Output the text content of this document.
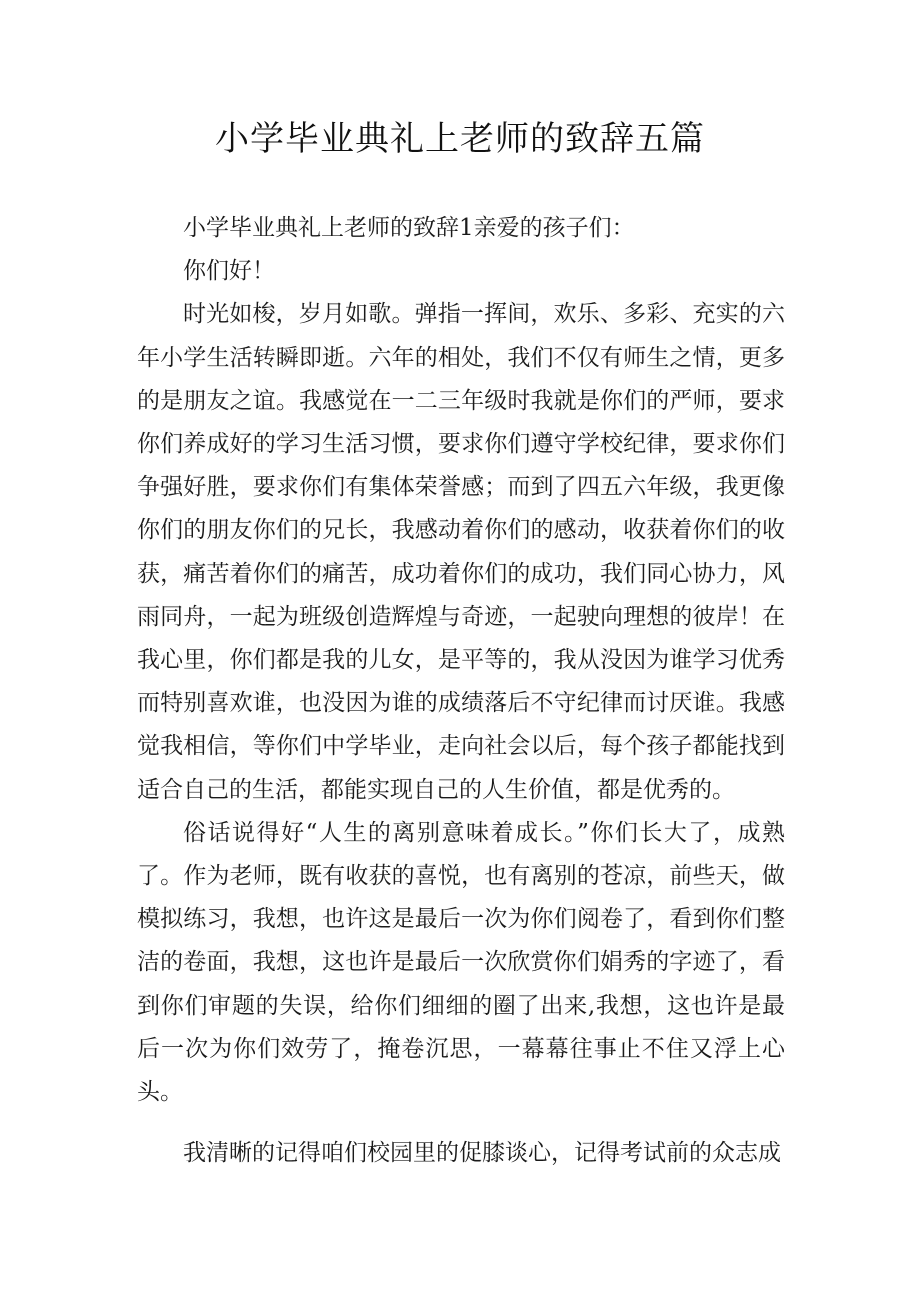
小学毕业典礼上老师的致辞五篇

小学毕业典礼上老师的致辞1亲爱的孩子们：

你们好！

时光如梭，岁月如歌。弹指一挥间，欢乐、多彩、充实的六年小学生活转瞬即逝。六年的相处，我们不仅有师生之情，更多的是朋友之谊。我感觉在一二三年级时我就是你们的严师，要求你们养成好的学习生活习惯，要求你们遵守学校纪律，要求你们争强好胜，要求你们有集体荣誉感；而到了四五六年级，我更像你们的朋友你们的兄长，我感动着你们的感动，收获着你们的收获，痛苦着你们的痛苦，成功着你们的成功，我们同心协力，风雨同舟，一起为班级创造辉煌与奇迹，一起驶向理想的彼岸！在我心里，你们都是我的儿女，是平等的，我从没因为谁学习优秀而特别喜欢谁，也没因为谁的成绩落后不守纪律而讨厌谁。我感觉我相信，等你们中学毕业，走向社会以后，每个孩子都能找到适合自己的生活，都能实现自己的人生价值，都是优秀的。

俗话说得好“人生的离别意味着成长。”你们长大了，成熟了。作为老师，既有收获的喜悦，也有离别的苍凉，前些天，做模拟练习，我想，也许这是最后一次为你们阅卷了，看到你们整洁的卷面，我想，这也许是最后一次欣赏你们娟秀的字迹了，看到你们审题的失误，给你们细细的圈了出来,我想，这也许是最后一次为你们效劳了，掩卷沉思，一幕幕往事止不住又浮上心头。

我清晰的记得咱们校园里的促膝谈心，记得考试前的众志成
